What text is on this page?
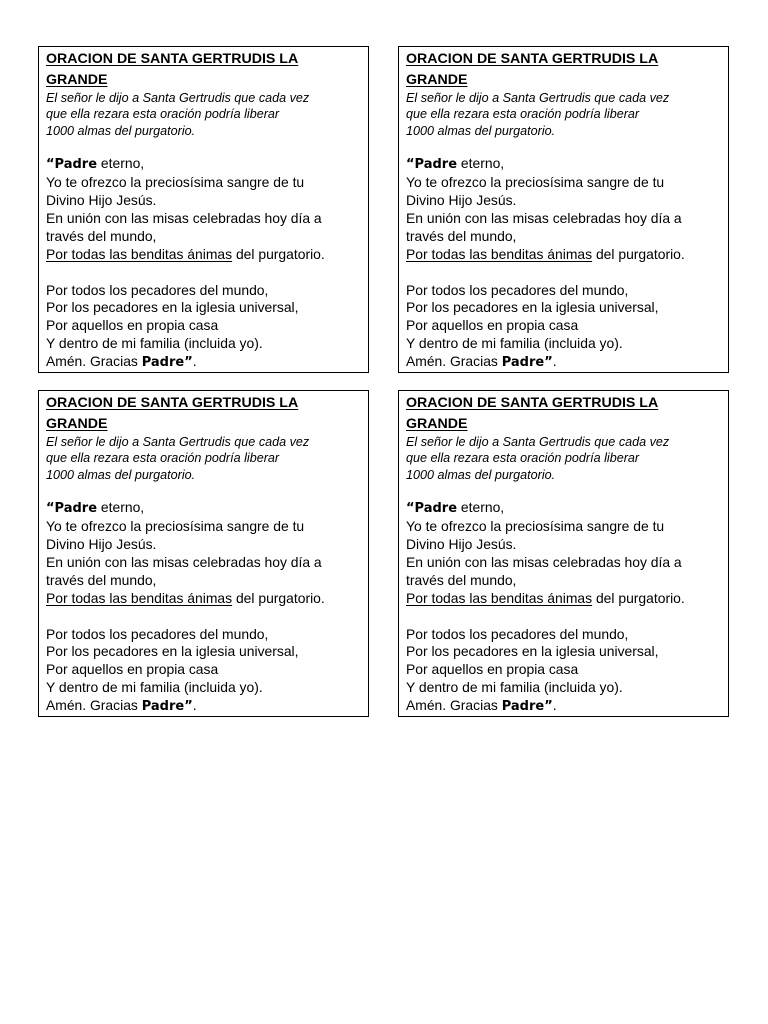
ORACION DE SANTA GERTRUDIS LA
GRANDE
El señor le dijo a Santa Gertrudis que cada vez
que ella rezara esta oración podría liberar
1000 almas del purgatorio.
“Padre eterno,
Yo te ofrezco la preciosísima sangre de tu
Divino Hijo Jesús.
En unión con las misas celebradas hoy día a
través del mundo,
Por todas las benditas ánimas del purgatorio.
Por todos los pecadores del mundo,
Por los pecadores en la iglesia universal,
Por aquellos en propia casa
Y dentro de mi familia (incluida yo).
Amén. Gracias Padre”.
ORACION DE SANTA GERTRUDIS LA
GRANDE
El señor le dijo a Santa Gertrudis que cada vez
que ella rezara esta oración podría liberar
1000 almas del purgatorio.
“Padre eterno,
Yo te ofrezco la preciosísima sangre de tu
Divino Hijo Jesús.
En unión con las misas celebradas hoy día a
través del mundo,
Por todas las benditas ánimas del purgatorio.
Por todos los pecadores del mundo,
Por los pecadores en la iglesia universal,
Por aquellos en propia casa
Y dentro de mi familia (incluida yo).
Amén. Gracias Padre”.
ORACION DE SANTA GERTRUDIS LA
GRANDE
El señor le dijo a Santa Gertrudis que cada vez
que ella rezara esta oración podría liberar
1000 almas del purgatorio.
“Padre eterno,
Yo te ofrezco la preciosísima sangre de tu
Divino Hijo Jesús.
En unión con las misas celebradas hoy día a
través del mundo,
Por todas las benditas ánimas del purgatorio.
Por todos los pecadores del mundo,
Por los pecadores en la iglesia universal,
Por aquellos en propia casa
Y dentro de mi familia (incluida yo).
Amén. Gracias Padre”.
ORACION DE SANTA GERTRUDIS LA
GRANDE
El señor le dijo a Santa Gertrudis que cada vez
que ella rezara esta oración podría liberar
1000 almas del purgatorio.
“Padre eterno,
Yo te ofrezco la preciosísima sangre de tu
Divino Hijo Jesús.
En unión con las misas celebradas hoy día a
través del mundo,
Por todas las benditas ánimas del purgatorio.
Por todos los pecadores del mundo,
Por los pecadores en la iglesia universal,
Por aquellos en propia casa
Y dentro de mi familia (incluida yo).
Amén. Gracias Padre”.
